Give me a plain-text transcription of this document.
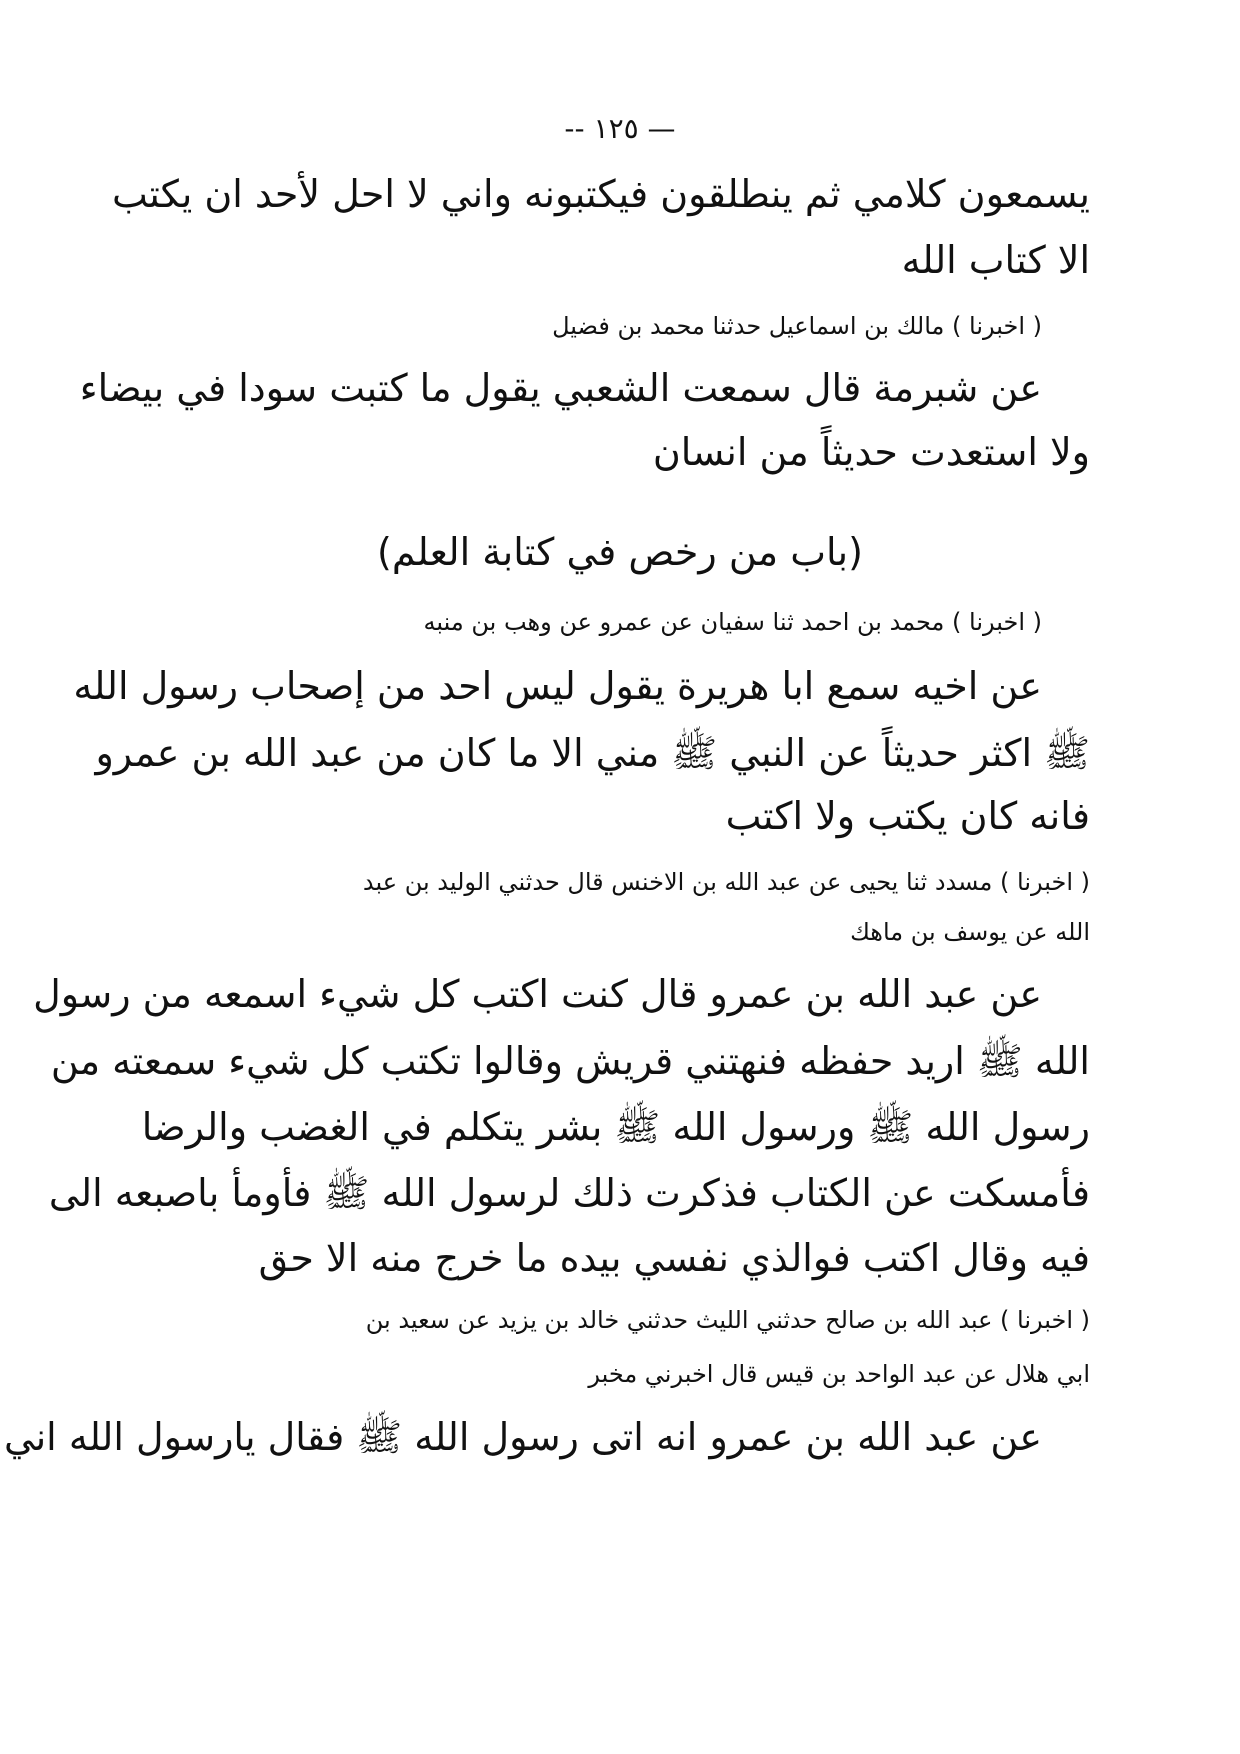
-- ١٢٥ —
يسمعون كلامي ثم ينطلقون فيكتبونه واني لا احل لأحد ان يكتب
الا كتاب الله
( اخبرنا ) مالك بن اسماعيل حدثنا محمد بن فضيل
عن شبرمة قال سمعت الشعبي يقول ما كتبت سودا في بيضاء
ولا استعدت حديثاً من انسان
(باب من رخص في كتابة العلم)
( اخبرنا ) محمد بن احمد ثنا سفيان عن عمرو عن وهب بن منبه
عن اخيه سمع ابا هريرة يقول ليس احد من إصحاب رسول الله
ﷺ اكثر حديثاً عن النبي ﷺ مني الا ما كان من عبد الله بن عمرو
فانه كان يكتب ولا اكتب
( اخبرنا ) مسدد ثنا يحيى عن عبد الله بن الاخنس قال حدثني الوليد بن عبد
الله عن يوسف بن ماهك
عن عبد الله بن عمرو قال كنت اكتب كل شيء اسمعه من رسول
الله ﷺ اريد حفظه فنهتني قريش وقالوا تكتب كل شيء سمعته من
رسول الله ﷺ ورسول الله ﷺ بشر يتكلم في الغضب والرضا
فأمسكت عن الكتاب فذكرت ذلك لرسول الله ﷺ فأومأ باصبعه الى
فيه وقال اكتب فوالذي نفسي بيده ما خرج منه الا حق
( اخبرنا ) عبد الله بن صالح حدثني الليث حدثني خالد بن يزيد عن سعيد بن
ابي هلال عن عبد الواحد بن قيس قال اخبرني مخبر
عن عبد الله بن عمرو انه اتى رسول الله ﷺ فقال يارسول الله اني
